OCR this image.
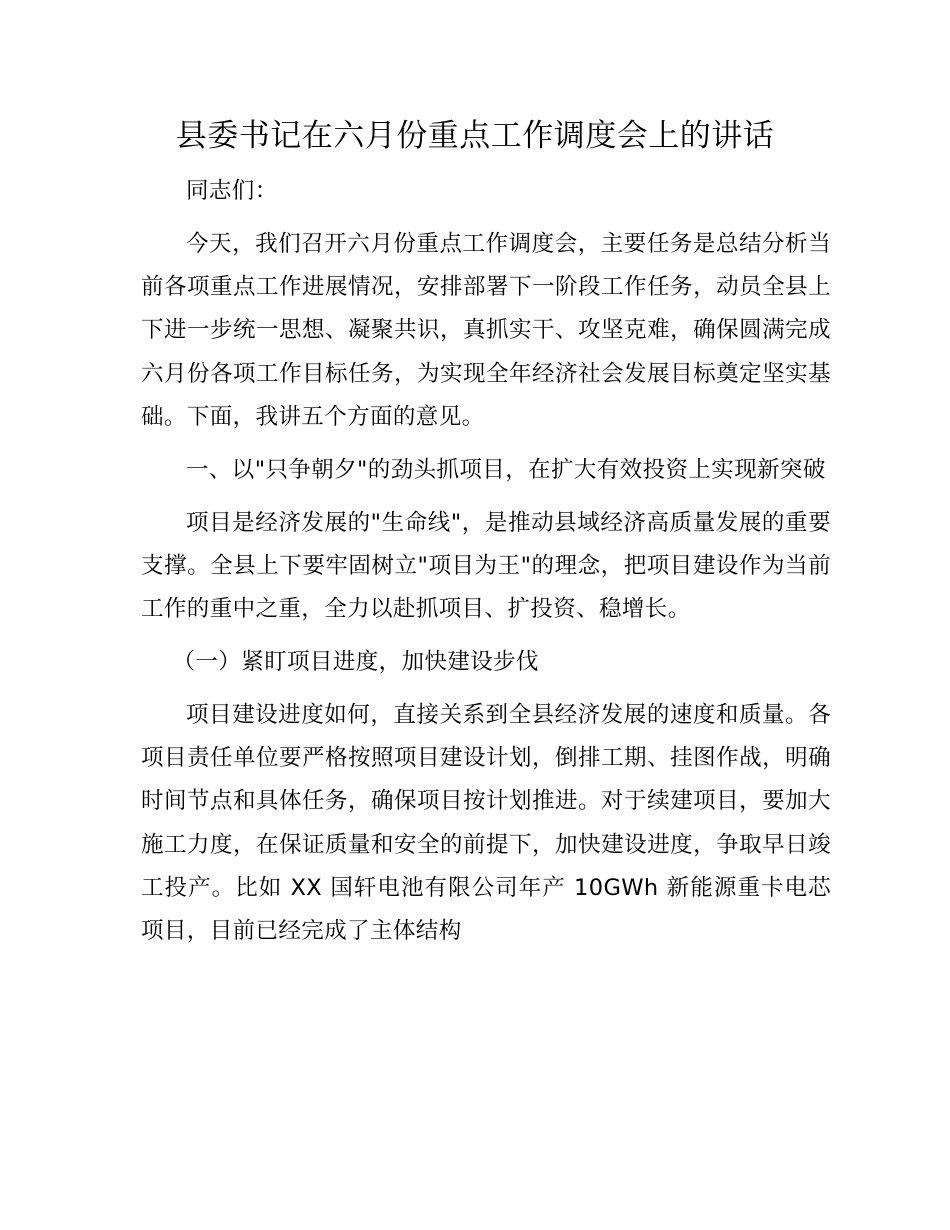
县委书记在六月份重点工作调度会上的讲话

同志们：

今天，我们召开六月份重点工作调度会，主要任务是总结分析当前各项重点工作进展情况，安排部署下一阶段工作任务，动员全县上下进一步统一思想、凝聚共识，真抓实干、攻坚克难，确保圆满完成六月份各项工作目标任务，为实现全年经济社会发展目标奠定坚实基础。下面，我讲五个方面的意见。

一、以"只争朝夕"的劲头抓项目，在扩大有效投资上实现新突破

项目是经济发展的"生命线"，是推动县域经济高质量发展的重要支撑。全县上下要牢固树立"项目为王"的理念，把项目建设作为当前工作的重中之重，全力以赴抓项目、扩投资、稳增长。

（一）紧盯项目进度，加快建设步伐

项目建设进度如何，直接关系到全县经济发展的速度和质量。各项目责任单位要严格按照项目建设计划，倒排工期、挂图作战，明确时间节点和具体任务，确保项目按计划推进。对于续建项目，要加大施工力度，在保证质量和安全的前提下，加快建设进度，争取早日竣工投产。比如 XX 国轩电池有限公司年产 10GWh 新能源重卡电芯项目，目前已经完成了主体结构
